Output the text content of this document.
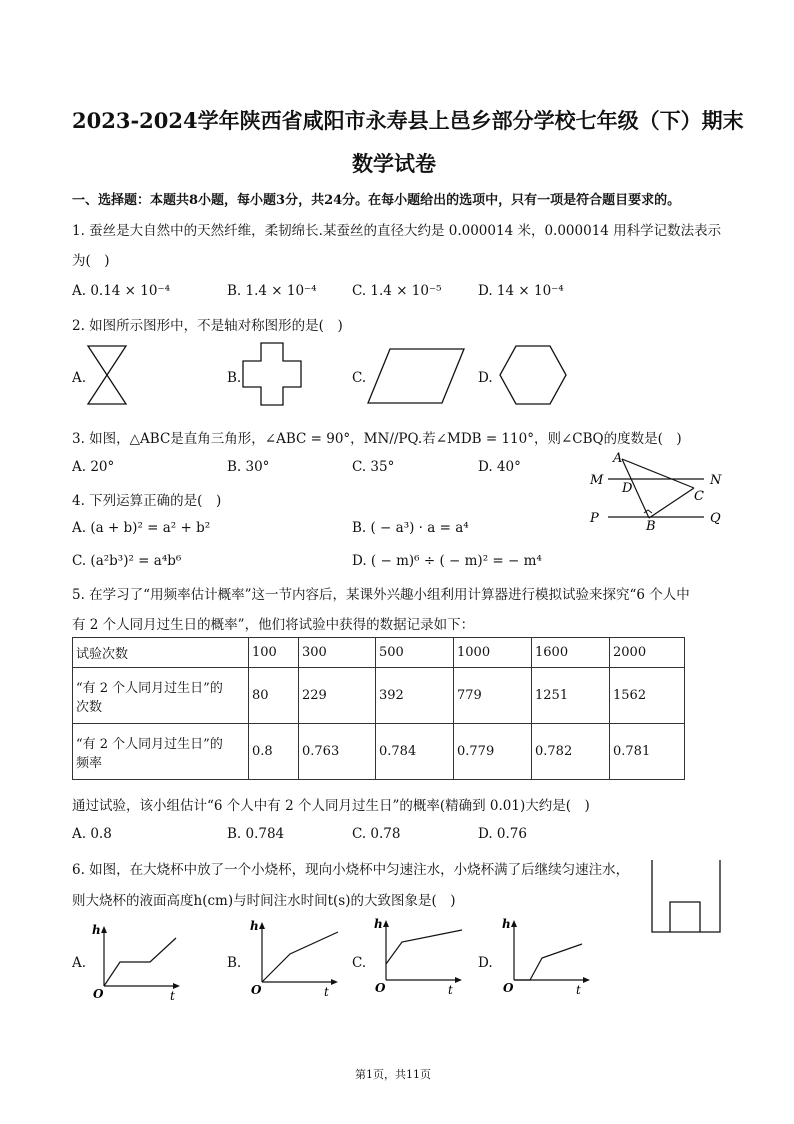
2023-2024学年陕西省咸阳市永寿县上邑乡部分学校七年级（下）期末
数学试卷
一、选择题：本题共8小题，每小题3分，共24分。在每小题给出的选项中，只有一项是符合题目要求的。
1. 蚕丝是大自然中的天然纤维，柔韧绵长.某蚕丝的直径大约是 0.000014 米，0.000014 用科学记数法表示
为(　)
A. 0.14 × 10⁻⁴	B. 1.4 × 10⁻⁴	C. 1.4 × 10⁻⁵	D. 14 × 10⁻⁴
2. 如图所示图形中，不是轴对称图形的是(　)
A.	B.	C.	D.
3. 如图，△ABC是直角三角形，∠ABC = 90°，MN//PQ.若∠MDB = 110°，则∠CBQ的度数是(　)
A. 20°	B. 30°	C. 35°	D. 40°
A
M
D
N
C
P
B
Q
4. 下列运算正确的是(　)
A. (a + b)² = a² + b²	B. ( − a³) · a = a⁴
C. (a²b³)² = a⁴b⁶	D. ( − m)⁶ ÷ ( − m)² = − m⁴
5. 在学习了“用频率估计概率”这一节内容后，某课外兴趣小组利用计算器进行模拟试验来探究“6 个人中
有 2 个人同月过生日的概率”，他们将试验中获得的数据记录如下：
试验次数	100	300	500	1000	1600	2000

“有 2 个人同月过生日”的
次数	80	229	392	779	1251	1562

“有 2 个人同月过生日”的
频率	0.8	0.763	0.784	0.779	0.782	0.781
通过试验，该小组估计“6 个人中有 2 个人同月过生日”的概率(精确到 0.01)大约是(　)
A. 0.8	B. 0.784	C. 0.78	D. 0.76
6. 如图，在大烧杯中放了一个小烧杯，现向小烧杯中匀速注水，小烧杯满了后继续匀速注水，
则大烧杯的液面高度h(cm)与时间注水时间t(s)的大致图象是(　)
A.	B.	C.	D.
h
O	t
h
O	t
h
O	t
h
O	t
第1页，共11页
